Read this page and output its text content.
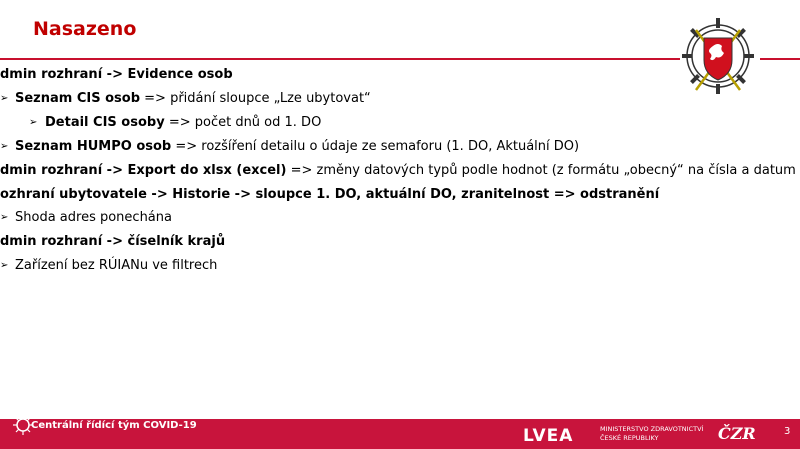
Nasazeno
dmin rozhraní -> Evidence osob
➢ Seznam CIS osob => přidání sloupce „Lze ubytovat“
➢ Detail CIS osoby => počet dnů od 1. DO
➢ Seznam HUMPO osob => rozšíření detailu o údaje ze semaforu (1. DO, Aktuální DO)
dmin rozhraní -> Export do xlsx (excel) => změny datových typů podle hodnot (z formátu „obecný“ na čísla a datum
ozhraní ubytovatele -> Historie -> sloupce 1. DO, aktuální DO, zranitelnost => odstranění
➢ Shoda adres ponechána
dmin rozhraní -> číselník krajů
➢ Zařízení bez RÚIANu ve filtrech
Centrální řídící tým COVID-19
LVEA	MINISTERSTVO ZDRAVOTNICTVÍ
ČESKÉ REPUBLIKY	ČZR	3
